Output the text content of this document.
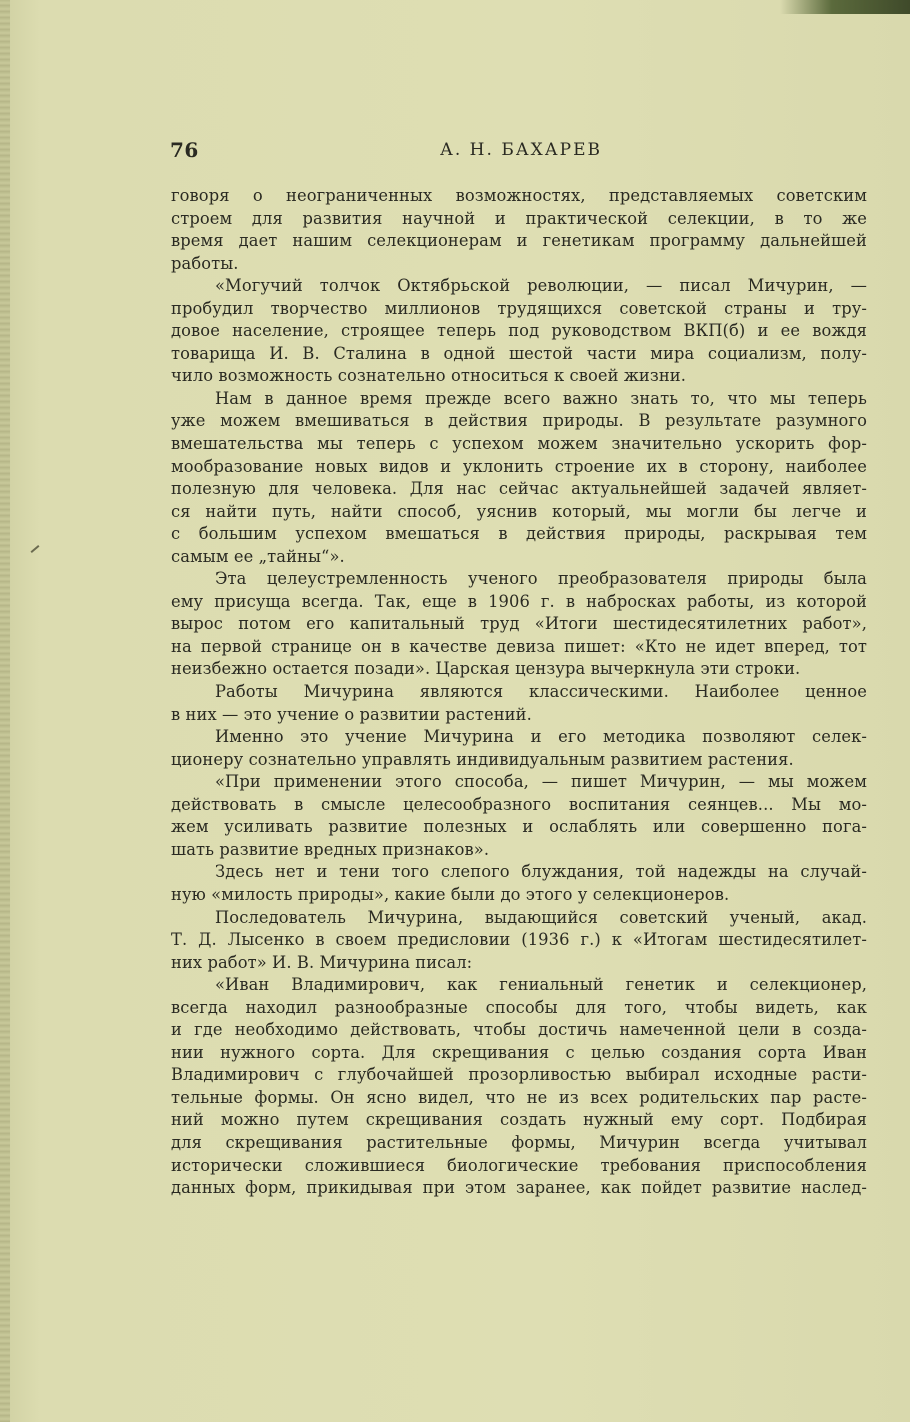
76	А. Н. БАХАРЕВ
говоря о неограниченных возможностях, представляемых советским
строем для развития научной и практической селекции, в то же
время дает нашим селекционерам и генетикам программу дальнейшей
работы.
«Могучий толчок Октябрьской революции, — писал Мичурин, —
пробудил творчество миллионов трудящихся советской страны и тру-
довое население, строящее теперь под руководством ВКП(б) и ее вождя
товарища И. В. Сталина в одной шестой части мира социализм, полу-
чило возможность сознательно относиться к своей жизни.
Нам в данное время прежде всего важно знать то, что мы теперь
уже можем вмешиваться в действия природы. В результате разумного
вмешательства мы теперь с успехом можем значительно ускорить фор-
мообразование новых видов и уклонить строение их в сторону, наиболее
полезную для человека. Для нас сейчас актуальнейшей задачей являет-
ся найти путь, найти способ, уяснив который, мы могли бы легче и
с большим успехом вмешаться в действия природы, раскрывая тем
самым ее „тайны“».
Эта целеустремленность ученого преобразователя природы была
ему присуща всегда. Так, еще в 1906 г. в набросках работы, из которой
вырос потом его капитальный труд «Итоги шестидесятилетних работ»,
на первой странице он в качестве девиза пишет: «Кто не идет вперед, тот
неизбежно остается позади». Царская цензура вычеркнула эти строки.
Работы Мичурина являются классическими. Наиболее ценное
в них — это учение о развитии растений.
Именно это учение Мичурина и его методика позволяют селек-
ционеру сознательно управлять индивидуальным развитием растения.
«При применении этого способа, — пишет Мичурин, — мы можем
действовать в смысле целесообразного воспитания сеянцев... Мы мо-
жем усиливать развитие полезных и ослаблять или совершенно пога-
шать развитие вредных признаков».
Здесь нет и тени того слепого блуждания, той надежды на случай-
ную «милость природы», какие были до этого у селекционеров.
Последователь Мичурина, выдающийся советский ученый, акад.
Т. Д. Лысенко в своем предисловии (1936 г.) к «Итогам шестидесятилет-
них работ» И. В. Мичурина писал:
«Иван Владимирович, как гениальный генетик и селекционер,
всегда находил разнообразные способы для того, чтобы видеть, как
и где необходимо действовать, чтобы достичь намеченной цели в созда-
нии нужного сорта. Для скрещивания с целью создания сорта Иван
Владимирович с глубочайшей прозорливостью выбирал исходные расти-
тельные формы. Он ясно видел, что не из всех родительских пар расте-
ний можно путем скрещивания создать нужный ему сорт. Подбирая
для скрещивания растительные формы, Мичурин всегда учитывал
исторически сложившиеся биологические требования приспособления
данных форм, прикидывая при этом заранее, как пойдет развитие наслед-
